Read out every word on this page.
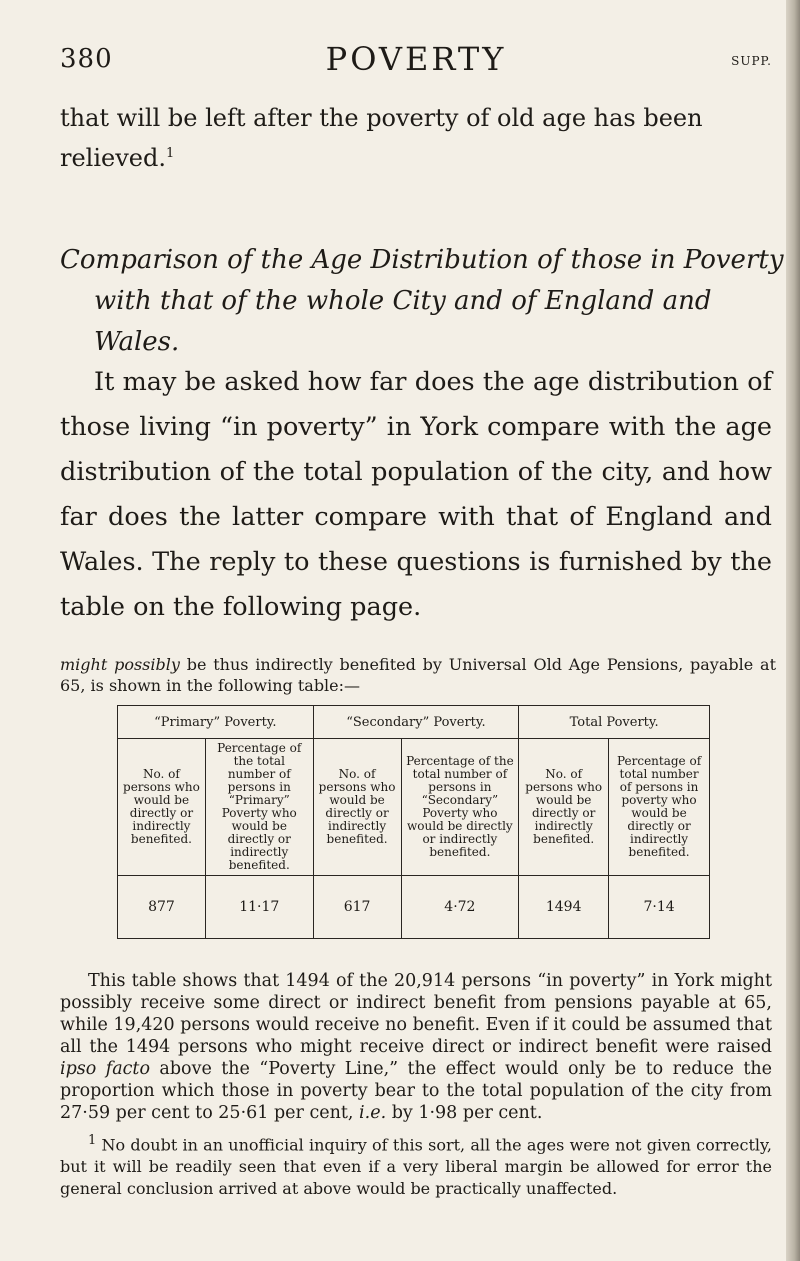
380	POVERTY	SUPP.

that will be left after the poverty of old age has been relieved.$^1$

Comparison of the Age Distribution of those in Poverty with that of the whole City and of England and Wales.

It may be asked how far does the age distribution of those living “in poverty” in York compare with the age distribution of the total population of the city, and how far does the latter compare with that of England and Wales. The reply to these questions is furnished by the table on the following page.

might possibly be thus indirectly benefited by Universal Old Age Pensions, payable at 65, is shown in the following table:—

“Primary” Poverty.		“Secondary” Poverty.		Total Poverty.	
No. of persons who would be directly or indirectly benefited.	Percentage of the total number of persons in “Primary” Poverty who would be directly or indirectly benefited.	No. of persons who would be directly or indirectly benefited.	Percentage of the total number of persons in “Secondary” Poverty who would be directly or indirectly benefited.	No. of persons who would be directly or indirectly benefited.	Percentage of total number of persons in poverty who would be directly or indirectly benefited.
877	11·17	617	4·72	1494	7·14

This table shows that 1494 of the 20,914 persons “in poverty” in York might possibly receive some direct or indirect benefit from pensions payable at 65, while 19,420 persons would receive no benefit. Even if it could be assumed that all the 1494 persons who might receive direct or indirect benefit were raised ipso facto above the “Poverty Line,” the effect would only be to reduce the proportion which those in poverty bear to the total population of the city from 27·59 per cent to 25·61 per cent, i.e. by 1·98 per cent.

$^1$ No doubt in an unofficial inquiry of this sort, all the ages were not given correctly, but it will be readily seen that even if a very liberal margin be allowed for error the general conclusion arrived at above would be practically unaffected.
